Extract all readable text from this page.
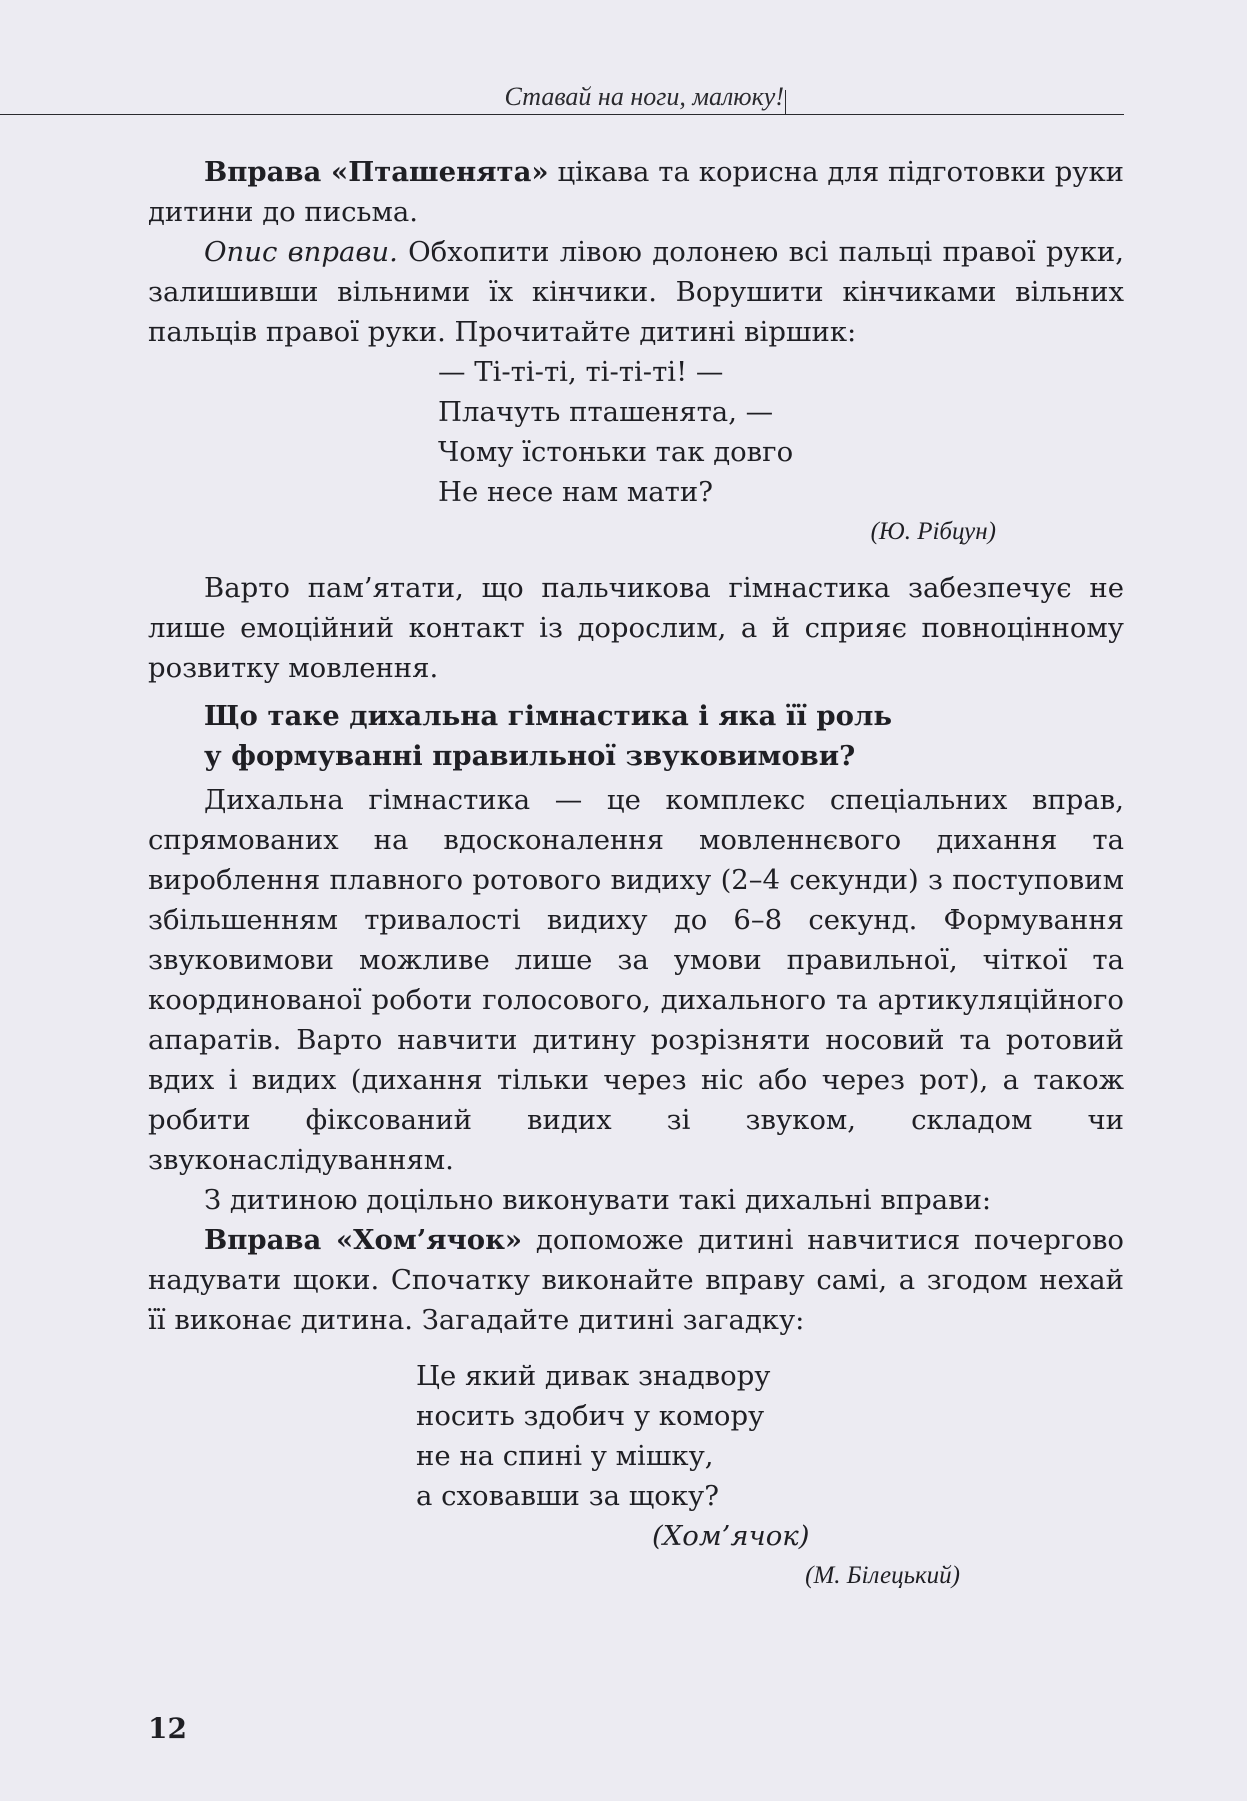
Ставай на ноги, малюку!

Вправа «Пташенята» цікава та корисна для підготовки руки дитини до письма.

Опис вправи. Обхопити лівою долонею всі пальці правої руки, залишивши вільними їх кінчики. Ворушити кінчиками вільних пальців правої руки. Прочитайте дитині віршик:

— Ті-ті-ті, ті-ті-ті! —

Плачуть пташенята, —

Чому їстоньки так довго

Не несе нам мати?

(Ю. Рібцун)

Варто пам’ятати, що пальчикова гімнастика забезпечує не лише емоційний контакт із дорослим, а й сприяє повноцінному розвитку мовлення.

Що таке дихальна гімнастика і яка її роль

у формуванні правильної звуковимови?

Дихальна гімнастика — це комплекс спеціальних вправ, спрямованих на вдосконалення мовленнєвого дихання та вироблення плавного ротового видиху (2–4 секунди) з поступовим збільшенням тривалості видиху до 6–8 секунд. Формування звуковимови можливе лише за умови правильної, чіткої та координованої роботи голосового, дихального та артикуляційного апаратів. Варто навчити дитину розрізняти носовий та ротовий вдих і видих (дихання тільки через ніс або через рот), а також робити фіксований видих зі звуком, складом чи звуконаслідуванням.

З дитиною доцільно виконувати такі дихальні вправи:

Вправа «Хом’ячок» допоможе дитині навчитися почергово надувати щоки. Спочатку виконайте вправу самі, а згодом нехай її виконає дитина. Загадайте дитині загадку:

Це який дивак знадвору

носить здобич у комору

не на спині у мішку,

а сховавши за щоку?

(Хом’ячок)

(М. Білецький)

12
